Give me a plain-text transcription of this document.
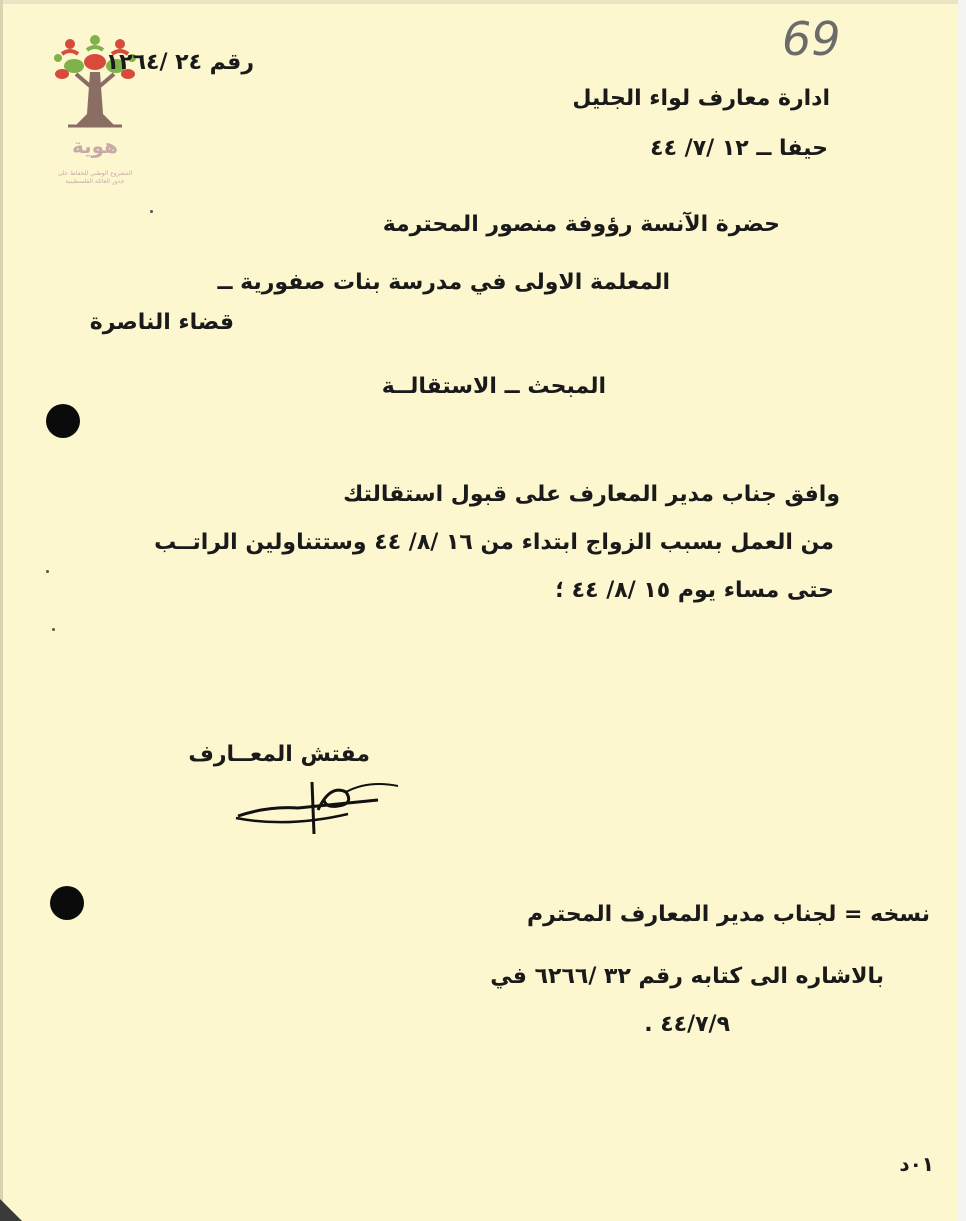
هوية
المشروع الوطني للحفاظ على
جذور العائلة الفلسطينية
69
رقم ٢٤ /١٢٦٤
ادارة معارف لواء الجليل
حيفا ــ ١٢ /٧/ ٤٤
حضرة الآنسة رؤوفة منصور المحترمة
المعلمة الاولى في مدرسة بنات صفورية ــ
قضاء الناصرة
المبحث ــ الاستقالــة
وافق جناب مدير المعارف على قبول استقالتك
من العمل بسبب الزواج ابتداء من ١٦ /٨/ ٤٤ وستتناولين الراتــب
حتى مساء يوم ١٥ /٨/ ٤٤ ؛
مفتش المعــارف
نسخه = لجناب مدير المعارف المحترم
بالاشاره الى كتابه رقم ٣٢ /٦٢٦٦ في
٤٤/٧/٩ .
٠١د
